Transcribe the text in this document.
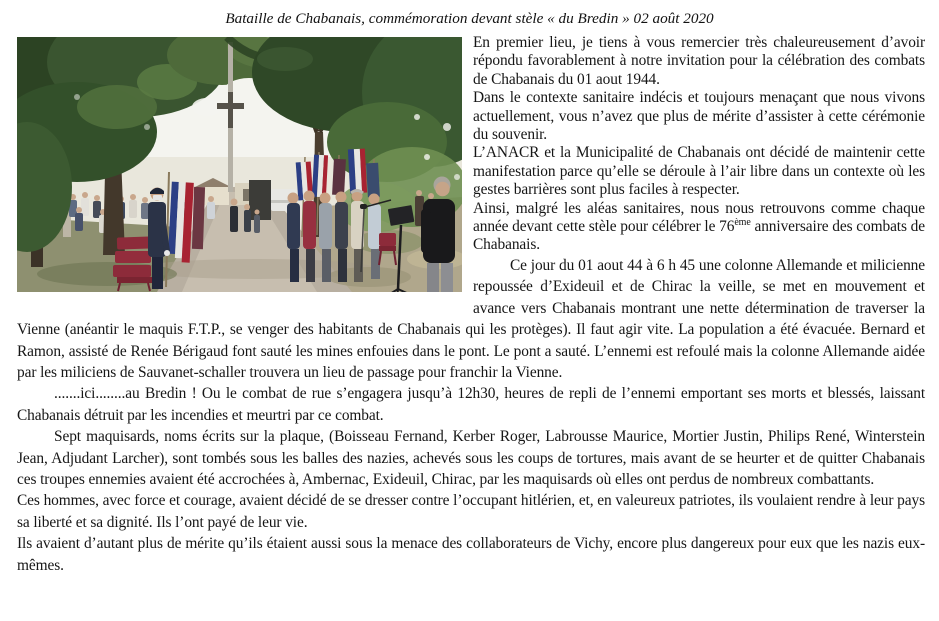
Bataille de Chabanais, commémoration devant stèle « du Bredin » 02 août 2020

En premier lieu, je tiens à vous remercier très chaleureusement d’avoir répondu favorablement à notre invitation pour la célébration des combats de Chabanais du 01 aout 1944.

Dans le contexte sanitaire indécis et toujours menaçant que nous vivons actuellement, vous n’avez que plus de mérite d’assister à cette cérémonie du souvenir.

L’ANACR et la Municipalité de Chabanais ont décidé de maintenir cette manifestation parce qu’elle se déroule à l’air libre dans un contexte où les gestes barrières sont plus faciles à respecter.

Ainsi, malgré les aléas sanitaires, nous nous retrouvons comme chaque année devant cette stèle pour célébrer le 76ème anniversaire des combats de Chabanais.

Ce jour du 01 aout 44 à 6 h 45 une colonne Allemande et milicienne repoussée d’Exideuil et de Chirac la veille, se met en mouvement et avance vers Chabanais montrant une nette détermination de traverser la Vienne (anéantir le maquis F.T.P., se venger des habitants de Chabanais qui les protèges). Il faut agir vite. La population a été évacuée. Bernard et Ramon, assisté de Renée Bérigaud font sauté les mines enfouies dans le pont. Le pont a sauté. L’ennemi est refoulé mais la colonne Allemande aidée par les miliciens de Sauvanet-schaller trouvera un lieu de passage pour franchir la Vienne.

.......ici........au Bredin ! Ou le combat de rue s’engagera jusqu’à 12h30, heures de repli de l’ennemi emportant ses morts et blessés, laissant Chabanais détruit par les incendies et meurtri par ce combat.

Sept maquisards, noms écrits sur la plaque, (Boisseau Fernand, Kerber Roger, Labrousse Maurice, Mortier Justin, Philips René, Winterstein Jean, Adjudant Larcher), sont tombés sous les balles des nazies, achevés sous les coups de tortures, mais avant de se heurter et de quitter Chabanais ces troupes ennemies avaient été accrochées à, Ambernac, Exideuil, Chirac, par les maquisards où elles ont perdus de nombreux combattants.

Ces hommes, avec force et courage, avaient décidé de se dresser contre l’occupant hitlérien, et, en valeureux patriotes, ils voulaient rendre à leur pays sa liberté et sa dignité. Ils l’ont payé de leur vie.

Ils avaient d’autant plus de mérite qu’ils étaient aussi sous la menace des collaborateurs de Vichy, encore plus dangereux pour eux que les nazis eux-mêmes.
